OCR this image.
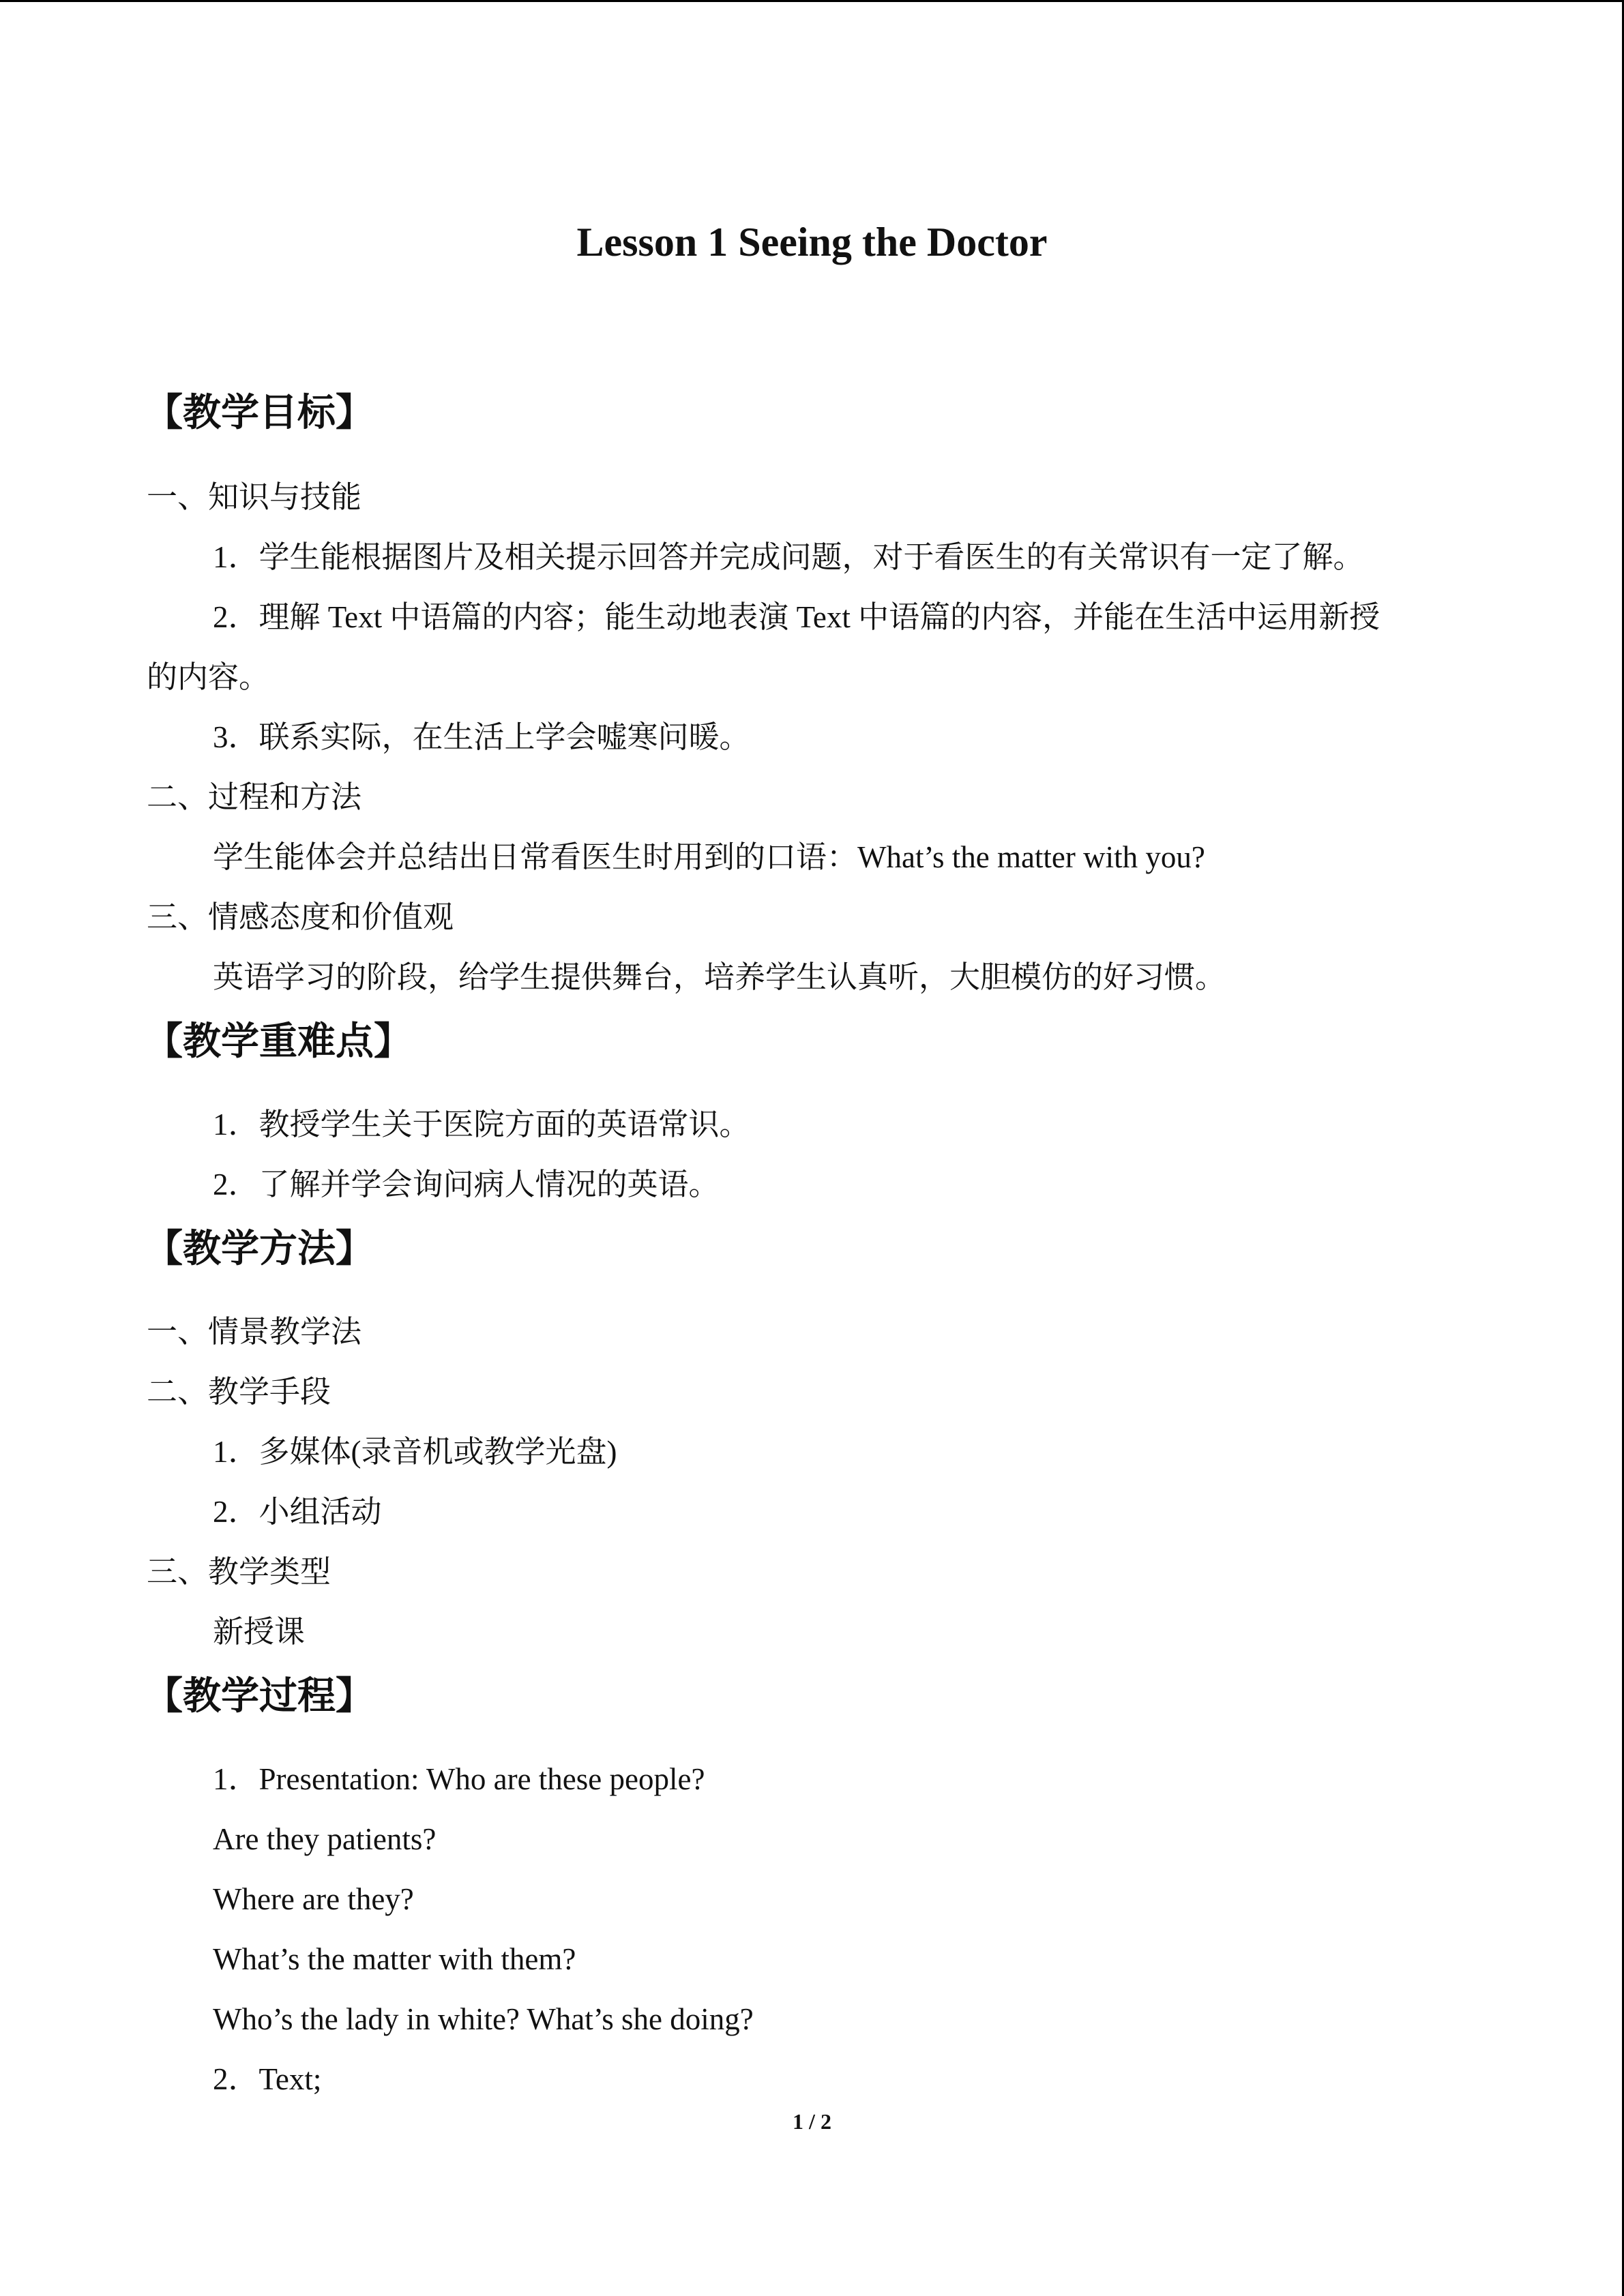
Lesson 1 Seeing the Doctor
【教学目标】
一、知识与技能
1．学生能根据图片及相关提示回答并完成问题，对于看医生的有关常识有一定了解。
2．理解 Text 中语篇的内容；能生动地表演 Text 中语篇的内容，并能在生活中运用新授
的内容。
3．联系实际，在生活上学会嘘寒问暖。
二、过程和方法
学生能体会并总结出日常看医生时用到的口语：What’s the matter with you?
三、情感态度和价值观
英语学习的阶段，给学生提供舞台，培养学生认真听，大胆模仿的好习惯。
【教学重难点】
1．教授学生关于医院方面的英语常识。
2．了解并学会询问病人情况的英语。
【教学方法】
一、情景教学法
二、教学手段
1．多媒体(录音机或教学光盘)
2．小组活动
三、教学类型
新授课
【教学过程】
1．Presentation: Who are these people?
Are they patients?
Where are they?
What’s the matter with them?
Who’s the lady in white? What’s she doing?
2．Text;
1 / 2
